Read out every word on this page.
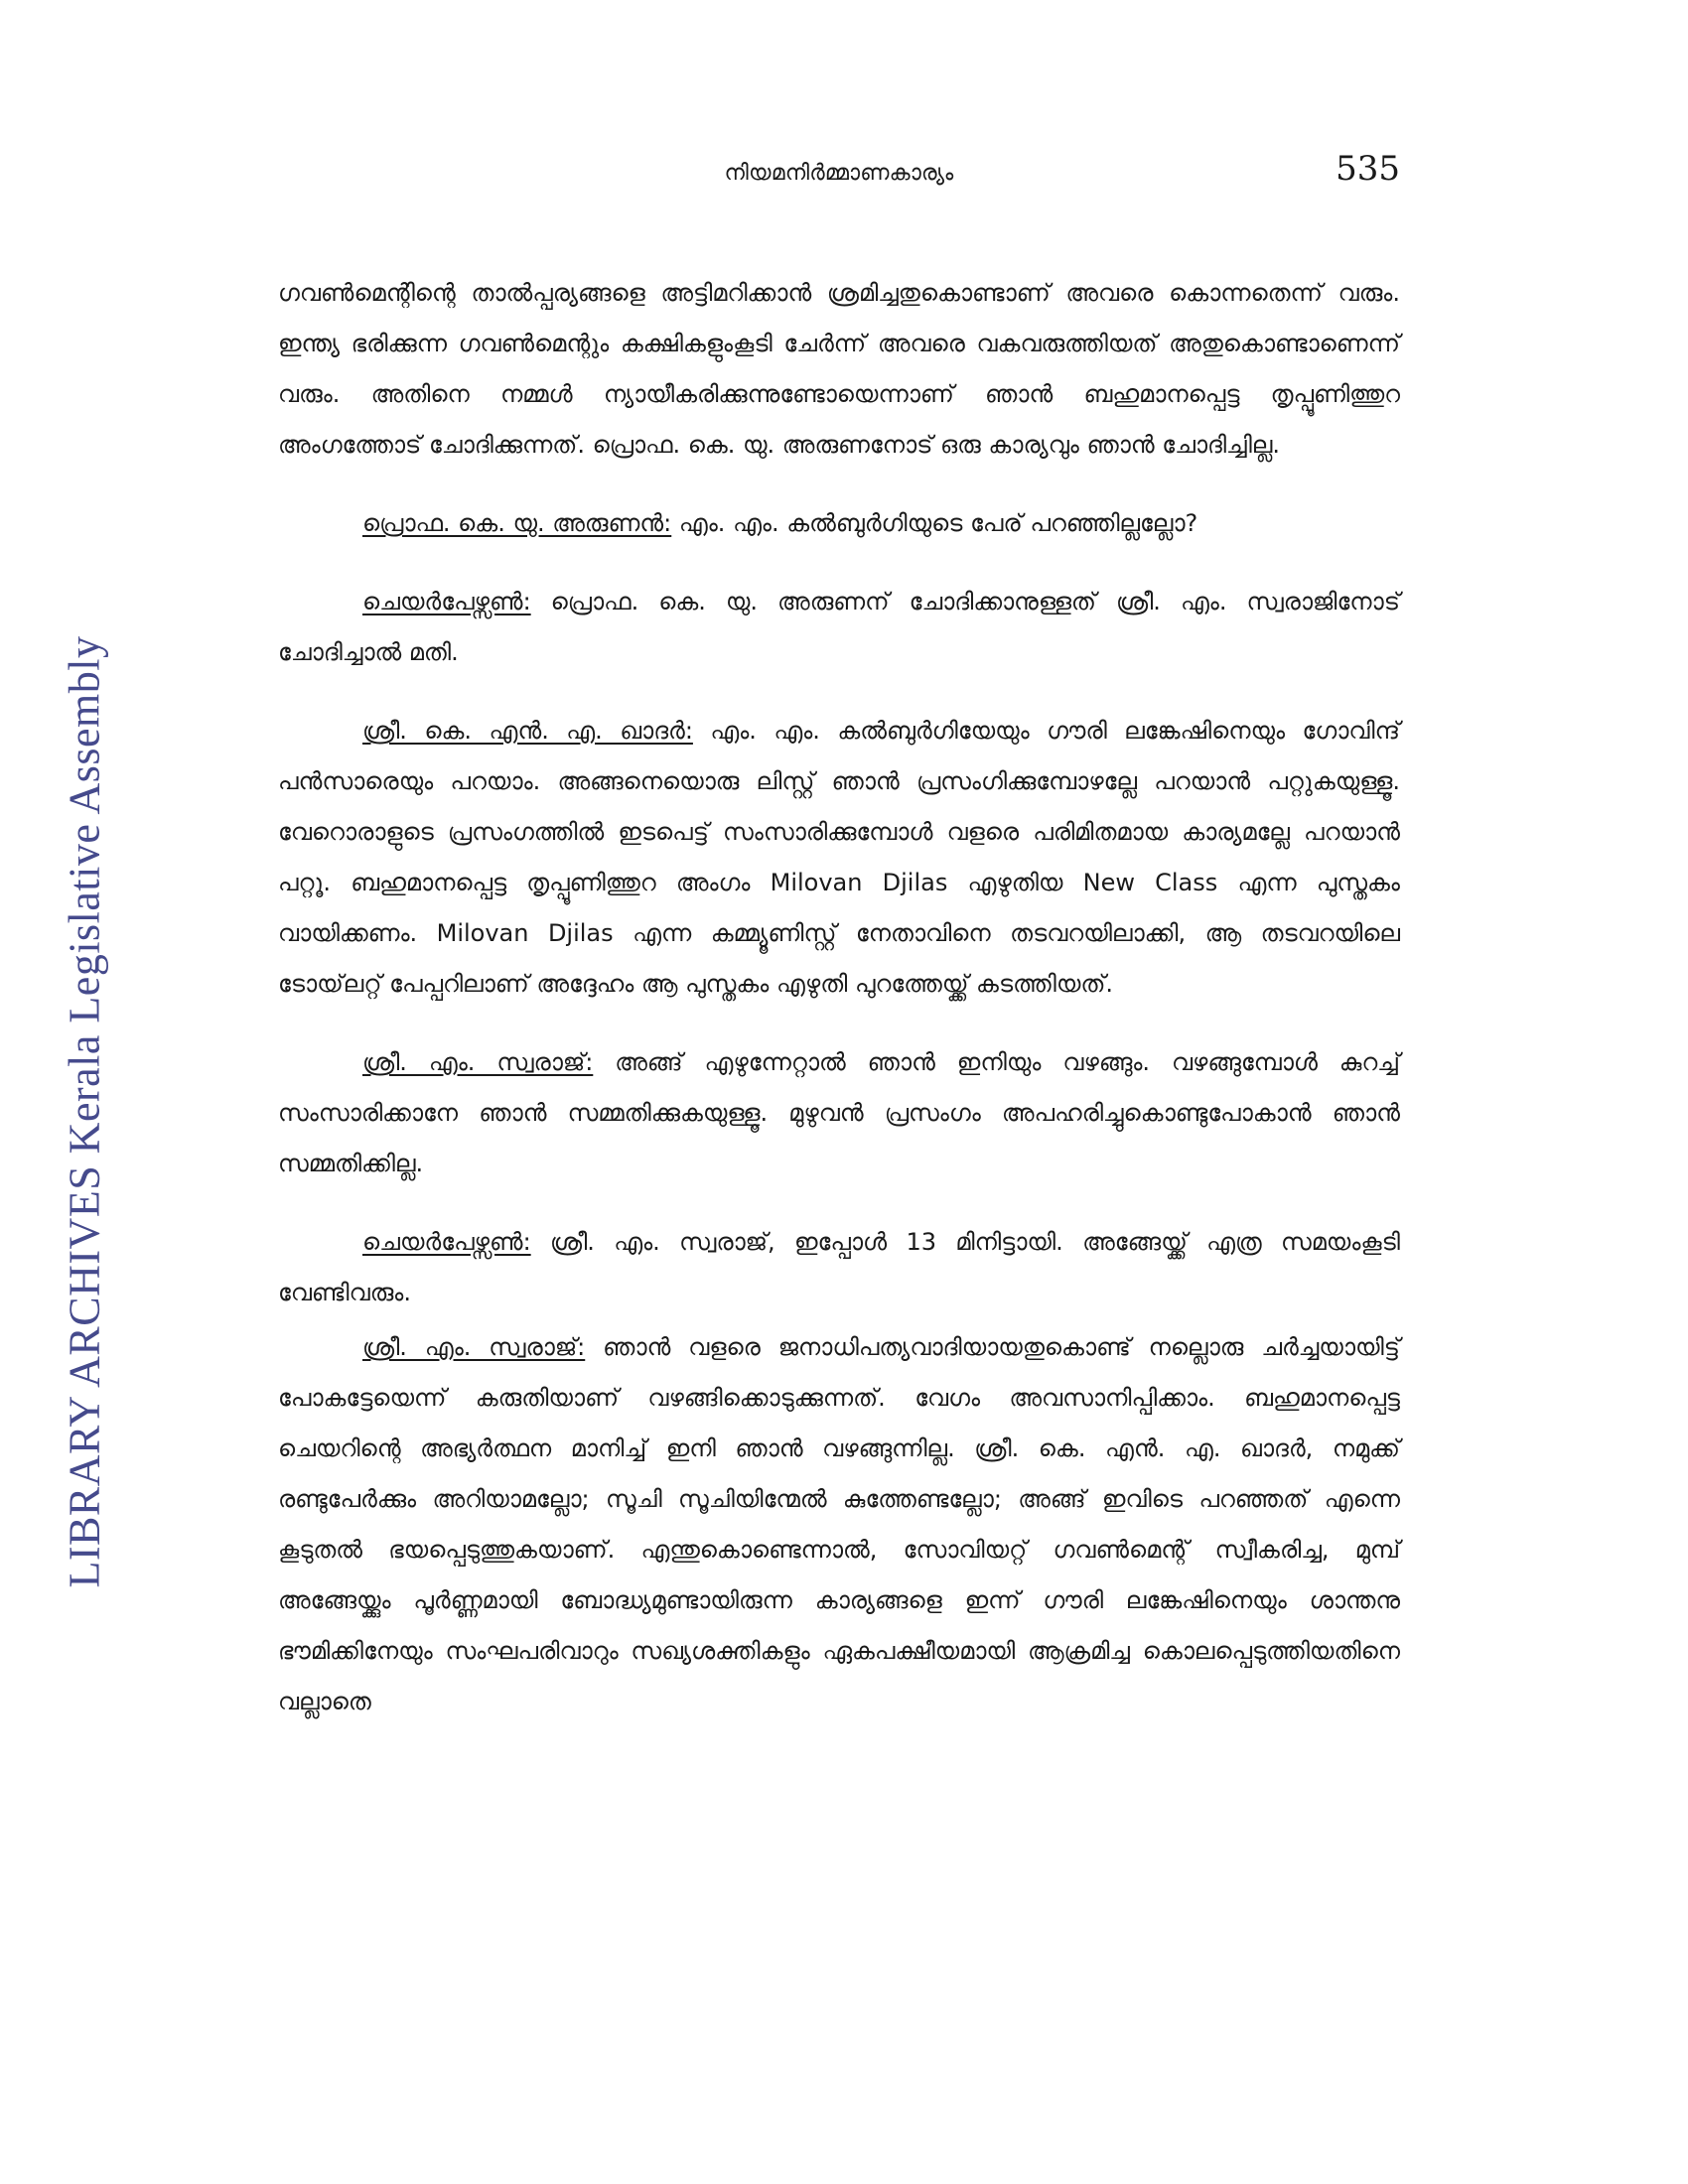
നിയമനിർമ്മാണകാര്യം	535
LIBRARY ARCHIVES Kerala Legislative Assembly

ഗവൺമെന്റിന്റെ താൽപ്പര്യങ്ങളെ അട്ടിമറിക്കാൻ ശ്രമിച്ചതുകൊണ്ടാണ് അവരെ കൊന്നതെന്ന് വരും. ഇന്ത്യ ഭരിക്കുന്ന ഗവൺമെന്റും കക്ഷികളുംകൂടി ചേർന്ന് അവരെ വകവരുത്തിയത് അതുകൊണ്ടാണെന്ന് വരും. അതിനെ നമ്മൾ ന്യായീകരിക്കുന്നുണ്ടോയെന്നാണ് ഞാൻ ബഹുമാനപ്പെട്ട തൃപ്പൂണിത്തുറ അംഗത്തോട് ചോദിക്കുന്നത്. പ്രൊഫ. കെ. യു. അരുണനോട് ഒരു കാര്യവും ഞാൻ ചോദിച്ചില്ല.

പ്രൊഫ. കെ. യു. അരുണൻ: എം. എം. കൽബുർഗിയുടെ പേര് പറഞ്ഞില്ലല്ലോ?

ചെയർപേഴ്സൺ: പ്രൊഫ. കെ. യു. അരുണന് ചോദിക്കാനുള്ളത് ശ്രീ. എം. സ്വരാജിനോട് ചോദിച്ചാൽ മതി.

ശ്രീ. കെ. എൻ. എ. ഖാദർ: എം. എം. കൽബുർഗിയേയും ഗൗരി ലങ്കേഷിനെയും ഗോവിന്ദ് പൻസാരെയും പറയാം. അങ്ങനെയൊരു ലിസ്റ്റ് ഞാൻ പ്രസംഗിക്കുമ്പോഴല്ലേ പറയാൻ പറ്റുകയുള്ളൂ. വേറൊരാളുടെ പ്രസംഗത്തിൽ ഇടപെട്ട് സംസാരിക്കുമ്പോൾ വളരെ പരിമിതമായ കാര്യമല്ലേ പറയാൻ പറ്റൂ. ബഹുമാനപ്പെട്ട തൃപ്പൂണിത്തുറ അംഗം Milovan Djilas എഴുതിയ New Class എന്ന പുസ്തകം വായിക്കണം. Milovan Djilas എന്ന കമ്മ്യൂണിസ്റ്റ് നേതാവിനെ തടവറയിലാക്കി, ആ തടവറയിലെ ടോയ്‌ലറ്റ് പേപ്പറിലാണ് അദ്ദേഹം ആ പുസ്തകം എഴുതി പുറത്തേയ്ക്ക് കടത്തിയത്.

ശ്രീ. എം. സ്വരാജ്: അങ്ങ് എഴുന്നേറ്റാൽ ഞാൻ ഇനിയും വഴങ്ങും. വഴങ്ങുമ്പോൾ കുറച്ച് സംസാരിക്കാനേ ഞാൻ സമ്മതിക്കുകയുള്ളൂ. മുഴുവൻ പ്രസംഗം അപഹരിച്ചുകൊണ്ടുപോകാൻ ഞാൻ സമ്മതിക്കില്ല.

ചെയർപേഴ്സൺ: ശ്രീ. എം. സ്വരാജ്, ഇപ്പോൾ 13 മിനിട്ടായി. അങ്ങേയ്ക്ക് എത്ര സമയംകൂടി വേണ്ടിവരും.

ശ്രീ. എം. സ്വരാജ്: ഞാൻ വളരെ ജനാധിപത്യവാദിയായതുകൊണ്ട് നല്ലൊരു ചർച്ചയായിട്ട് പോകട്ടേയെന്ന് കരുതിയാണ് വഴങ്ങിക്കൊടുക്കുന്നത്. വേഗം അവസാനിപ്പിക്കാം. ബഹുമാനപ്പെട്ട ചെയറിന്റെ അഭ്യർത്ഥന മാനിച്ച് ഇനി ഞാൻ വഴങ്ങുന്നില്ല. ശ്രീ. കെ. എൻ. എ. ഖാദർ, നമുക്ക് രണ്ടുപേർക്കും അറിയാമല്ലോ; സൂചി സൂചിയിന്മേൽ കുത്തേണ്ടല്ലോ; അങ്ങ് ഇവിടെ പറഞ്ഞത് എന്നെ കൂടുതൽ ഭയപ്പെടുത്തുകയാണ്. എന്തുകൊണ്ടെന്നാൽ, സോവിയറ്റ് ഗവൺമെന്റ് സ്വീകരിച്ച, മുമ്പ് അങ്ങേയ്ക്കും പൂർണ്ണമായി ബോദ്ധ്യമുണ്ടായിരുന്ന കാര്യങ്ങളെ ഇന്ന് ഗൗരി ലങ്കേഷിനെയും ശാന്തനു ഭൗമിക്കിനേയും സംഘപരിവാറും സഖ്യശക്തികളും ഏകപക്ഷീയമായി ആക്രമിച്ച കൊലപ്പെടുത്തിയതിനെ വല്ലാതെ
